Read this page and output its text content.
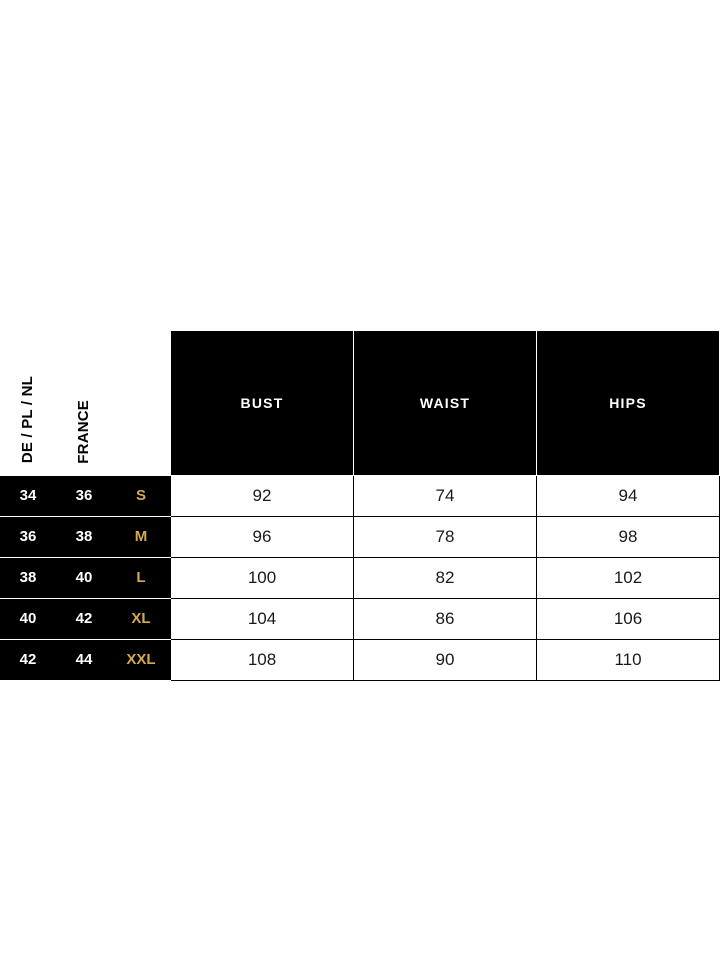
DE / PL / NL	FRANCE		BUST	WAIST	HIPS
34	36	S	92	74	94
36	38	M	96	78	98
38	40	L	100	82	102
40	42	XL	104	86	106
42	44	XXL	108	90	110
